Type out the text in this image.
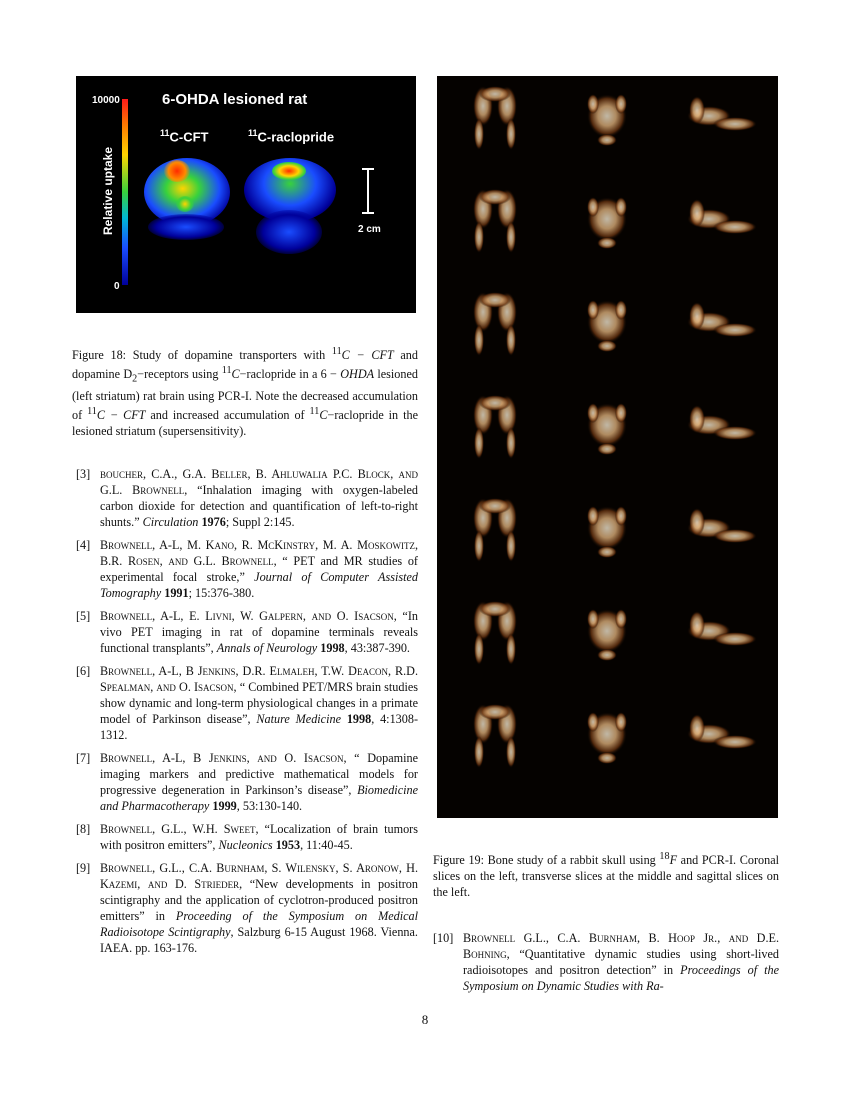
10000
0
Relative uptake
6-OHDA lesioned rat
$^{11}$C-CFT	$^{11}$C-raclopride
2 cm
Figure 18: Study of dopamine transporters with $^{11}$C − CFT and dopamine $D_2-receptors$ using $^{11}$C−raclopride in a 6 − OHDA lesioned (left striatum) rat brain using PCR-I. Note the decreased accumulation of $^{11}$C − CFT and increased accumulation of $^{11}$C−raclopride in the lesioned striatum (supersensitivity).
[3] boucher, C.A., G.A. Beller, B. Ahluwalia P.C. Block, and G.L. Brownell, “Inhalation imaging with oxygen-labeled carbon dioxide for detection and quantification of left-to-right shunts.” Circulation 1976; Suppl 2:145.
[4] Brownell, A-L, M. Kano, R. McKinstry, M. A. Moskowitz, B.R. Rosen, and G.L. Brownell, “ PET and MR studies of experimental focal stroke,” Journal of Computer Assisted Tomography 1991; 15:376-380.
[5] Brownell, A-L, E. Livni, W. Galpern, and O. Isacson, “In vivo PET imaging in rat of dopamine terminals reveals functional transplants”, Annals of Neurology 1998, 43:387-390.
[6] Brownell, A-L, B Jenkins, D.R. Elmaleh, T.W. Deacon, R.D. Spealman, and O. Isacson, “ Combined PET/MRS brain studies show dynamic and long-term physiological changes in a primate model of Parkinson disease”, Nature Medicine 1998, 4:1308-1312.
[7] Brownell, A-L, B Jenkins, and O. Isacson, “ Dopamine imaging markers and predictive mathematical models for progressive degeneration in Parkinson’s disease”, Biomedicine and Pharmacotherapy 1999, 53:130-140.
[8] Brownell, G.L., W.H. Sweet, “Localization of brain tumors with positron emitters”, Nucleonics 1953, 11:40-45.
[9] Brownell, G.L., C.A. Burnham, S. Wilensky, S. Aronow, H. Kazemi, and D. Strieder, “New developments in positron scintigraphy and the application of cyclotron-produced positron emitters” in Proceeding of the Symposium on Medical Radioisotope Scintigraphy, Salzburg 6-15 August 1968. Vienna. IAEA. pp. 163-176.
Figure 19: Bone study of a rabbit skull using $^{18}$F and PCR-I. Coronal slices on the left, transverse slices at the middle and sagittal slices on the left.
[10] Brownell G.L., C.A. Burnham, B. Hoop Jr., and D.E. Bohning, “Quantitative dynamic studies using short-lived radioisotopes and positron detection” in Proceedings of the Symposium on Dynamic Studies with Ra-
8
